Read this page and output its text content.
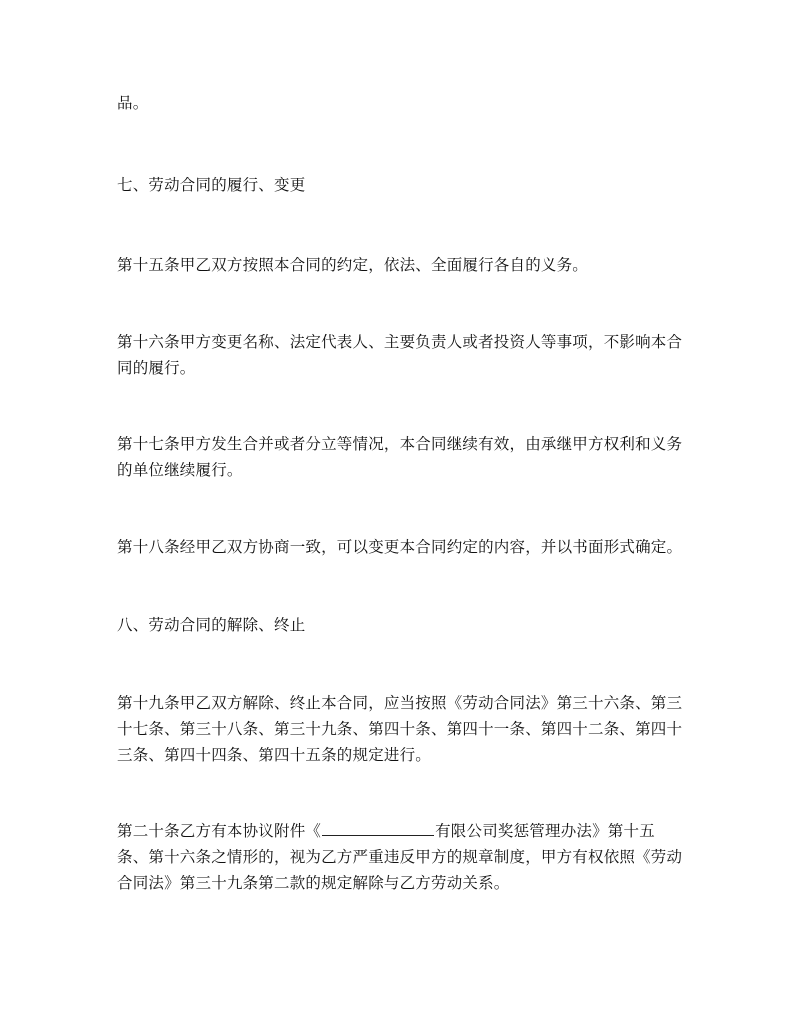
品。

七、劳动合同的履行、变更

第十五条甲乙双方按照本合同的约定，依法、全面履行各自的义务。

第十六条甲方变更名称、法定代表人、主要负责人或者投资人等事项，不影响本合
同的履行。

第十七条甲方发生合并或者分立等情况，本合同继续有效，由承继甲方权利和义务
的单位继续履行。

第十八条经甲乙双方协商一致，可以变更本合同约定的内容，并以书面形式确定。

八、劳动合同的解除、终止

第十九条甲乙双方解除、终止本合同，应当按照《劳动合同法》第三十六条、第三
十七条、第三十八条、第三十九条、第四十条、第四十一条、第四十二条、第四十
三条、第四十四条、第四十五条的规定进行。

第二十条乙方有本协议附件《	有限公司奖惩管理办法》第十五
条、第十六条之情形的，视为乙方严重违反甲方的规章制度，甲方有权依照《劳动
合同法》第三十九条第二款的规定解除与乙方劳动关系。
